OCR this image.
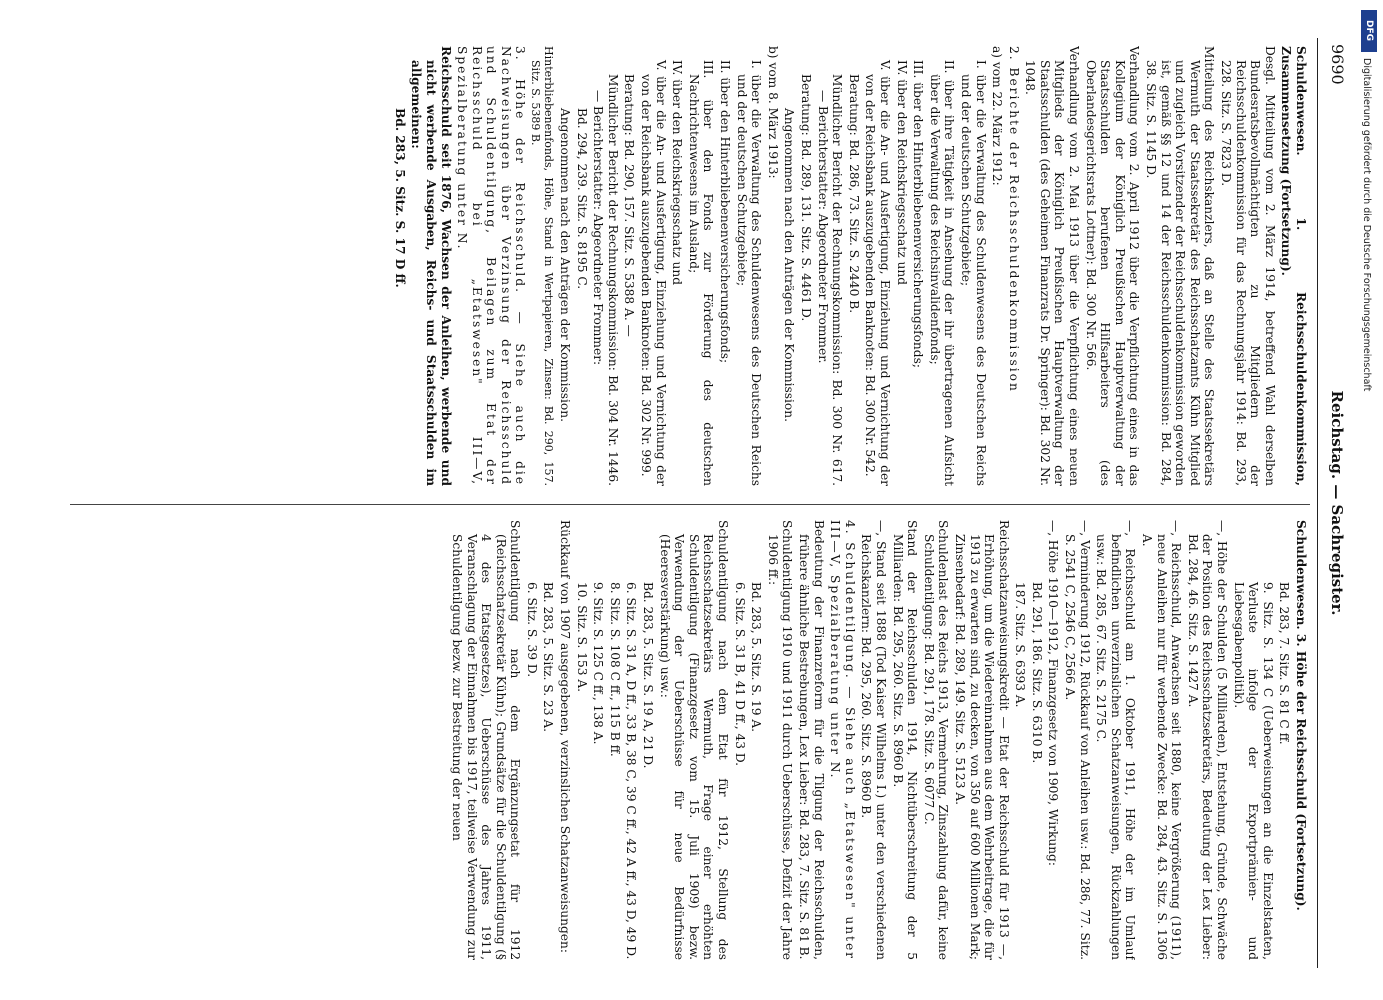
9690
Reichstag. — Sachregister.

Schuldenwesen. 1. Reichsschuldenkommission, Zusammensetzung (Fortsetzung).

Desgl. Mitteilung vom 2. März 1914, betreffend Wahl derselben Bundesratsbevollmächtigten zu Mitgliedern der Reichsschuldenkommission für das Rechnungsjahr 1914: Bd. 293, 228. Sitz. S. 7823 D.

Mitteilung des Reichskanzlers, daß an Stelle des Staatssekretärs Wermuth der Staatssekretär des Reichsschatzamts Kühn Mitglied und zugleich Vorsitzender der Reichsschuldenkommission geworden ist, gemäß §§ 12 und 14 der Reichsschuldenkommission: Bd. 284, 38. Sitz. S. 1145 D.

Verhandlung vom 2. April 1912 über die Verpflichtung eines in das Kollegium der Königlich Preußischen Hauptverwaltung der Staatsschulden berufenen Hilfsarbeiters (des Oberlandesgerichtsrats Lottner): Bd. 300 Nr. 566.

Verhandlung vom 2. Mai 1913 über die Verpflichtung eines neuen Mitglieds der Königlich Preußischen Hauptverwaltung der Staatsschulden (des Geheimen Finanzrats Dr. Springer): Bd. 302 Nr. 1048.

2. Berichte der Reichsschuldenkommission

a) vom 22. März 1912:

I. über die Verwaltung des Schuldenwesens des Deutschen Reichs und der deutschen Schutzgebiete;

II. über ihre Tätigkeit in Ansehung der ihr übertragenen Aufsicht über die Verwaltung des Reichsinvalidenfonds;

III. über den Hinterbliebenenversicherungsfonds;

IV. über den Reichskriegsschatz und

V. über die An- und Ausfertigung, Einziehung und Vernichtung der von der Reichsbank auszugebenden Banknoten: Bd. 300 Nr. 542.

Beratung: Bd. 286, 73. Sitz. S. 2440 B.

Mündlicher Bericht der Rechnungskommission: Bd. 300 Nr. 617. — Berichterstatter: Abgeordneter Frommer.

Beratung: Bd. 289, 131. Sitz. S. 4461 D.

Angenommen nach den Anträgen der Kommission.

b) vom 8. März 1913:

I. über die Verwaltung des Schuldenwesens des Deutschen Reichs und der deutschen Schutzgebiete;

II. über den Hinterbliebenenversicherungsfonds;

III. über den Fonds zur Förderung des deutschen Nachrichtenwesens im Ausland;

IV. über den Reichskriegsschatz und

V. über die An- und Ausfertigung, Einziehung und Vernichtung der von der Reichsbank auszugebenden Banknoten: Bd. 302 Nr. 999.

Beratung: Bd. 290, 157. Sitz. S. 5388 A. —

Mündlicher Bericht der Rechnungskommission: Bd. 304 Nr. 1446. — Berichterstatter: Abgeordneter Frommer:

Bd. 294, 239. Sitz. S. 8195 C.

Angenommen nach den Anträgen der Kommission.

Hinterbliebenenfonds, Höhe, Stand in Wertpapieren, Zinsen: Bd. 290, 157. Sitz. S. 5389 B.

3. Höhe der Reichsschuld. — Siehe auch die Nachweisungen über Verzinsung der Reichsschuld und Schuldentilgung, Beilagen zum Etat der Reichsschuld bei „Etatswesen" III—V, Spezialberatung unter N.

Reichsschuld seit 1876, Wachsen der Anleihen, werbende und nicht werbende Ausgaben, Reichs- und Staatsschulden im allgemeinen:

Bd. 283, 5. Sitz. S. 17 D ff.

Schuldenwesen. 3. Höhe der Reichsschuld (Fortsetzung).

Bd. 283, 7. Sitz. S. 81 C ff.

9. Sitz. S. 134 C (Ueberweisungen an die Einzelstaaten, Verluste infolge der Exportprämien- und Liebesgabenpolitik).

—, Höhe der Schulden (5 Milliarden), Entstehung, Gründe, Schwäche der Position des Reichsschatzsekretärs, Bedeutung der Lex Lieber: Bd. 284, 46. Sitz. S. 1427 A.

—, Reichsschuld, Anwachsen seit 1880, keine Vergrößerung (1911), neue Anleihen nur für werbende Zwecke: Bd. 284, 43. Sitz. S. 1306 A.

—, Reichsschuld am 1. Oktober 1911, Höhe der im Umlauf befindlichen unverzinslichen Schatzanweisungen, Rückzahlungen usw.: Bd. 285, 67. Sitz. S. 2175 C.

—, Verminderung 1912, Rückkauf von Anleihen usw.: Bd. 286, 77. Sitz. S. 2541 C, 2546 C, 2566 A.

—, Höhe 1910—1912, Finanzgesetz von 1909, Wirkung:

Bd. 291, 186. Sitz. S. 6310 B.

187. Sitz. S. 6393 A.

Reichsschatzanweisungskredit — Etat der Reichsschuld für 1913 —, Erhöhung, um die Wiedereinnahmen aus dem Wehrbeitrage, die für 1913 zu erwarten sind, zu decken, von 350 auf 600 Millionen Mark; Zinsenbedarf: Bd. 289, 149. Sitz. S. 5123 A.

Schuldenlast des Reichs 1913, Vermehrung, Zinszahlung dafür, keine Schuldentilgung: Bd. 291, 178. Sitz. S. 6077 C.

Stand der Reichsschulden 1914, Nichtüberschreitung der 5 Milliarden: Bd. 295, 260. Sitz. S. 8960 B.

—, Stand seit 1888 (Tod Kaiser Wilhelms I.) unter den verschiedenen Reichskanzlern: Bd. 295, 260. Sitz. S. 8960 B.

4. Schuldentilgung. — Siehe auch „Etatswesen" unter III—V, Spezialberatung unter N.

Bedeutung der Finanzreform für die Tilgung der Reichsschulden, frühere ähnliche Bestrebungen, Lex Lieber: Bd. 283, 7. Sitz. S. 81 B.

Schuldentilgung 1910 und 1911 durch Ueberschüsse, Defizit der Jahre 1906 ff.:

Bd. 283, 5. Sitz. S. 19 A.

6. Sitz. S. 31 B, 41 D ff., 43 D.

Schuldentilgung nach dem Etat für 1912, Stellung des Reichsschatzsekretärs Wermuth, Frage einer erhöhten Schuldentilgung (Finanzgesetz vom 15. Juli 1909) bezw. Verwendung der Ueberschüsse für neue Bedürfnisse (Heeresverstärkung) usw.:

Bd. 283, 5. Sitz. S. 19 A, 21 D.

6. Sitz. S. 31 A, D ff., 33 B, 38 C, 39 C ff., 42 A ff., 43 D, 49 D.

8. Sitz. S. 108 C ff., 115 B ff.

9. Sitz. S. 125 C ff., 138 A.

10. Sitz. S. 153 A.

Rückkauf von 1907 ausgegebenen, verzinslichen Schatzanweisungen:

Bd. 283, 5. Sitz. S. 23 A.

6. Sitz. S. 39 D.

Schuldentilgung nach dem Ergänzungsetat für 1912 (Reichsschatzsekretär Kühn); Grundsätze für die Schuldentilgung (§ 4 des Etatsgesetzes), Ueberschüsse des Jahres 1911, Veranschlagung der Einnahmen bis 1917, teilweise Verwendung zur Schuldentilgung bezw. zur Bestreitung der neuen

DFG
Digitalisierung gefördert durch die Deutsche Forschungsgemeinschaft
